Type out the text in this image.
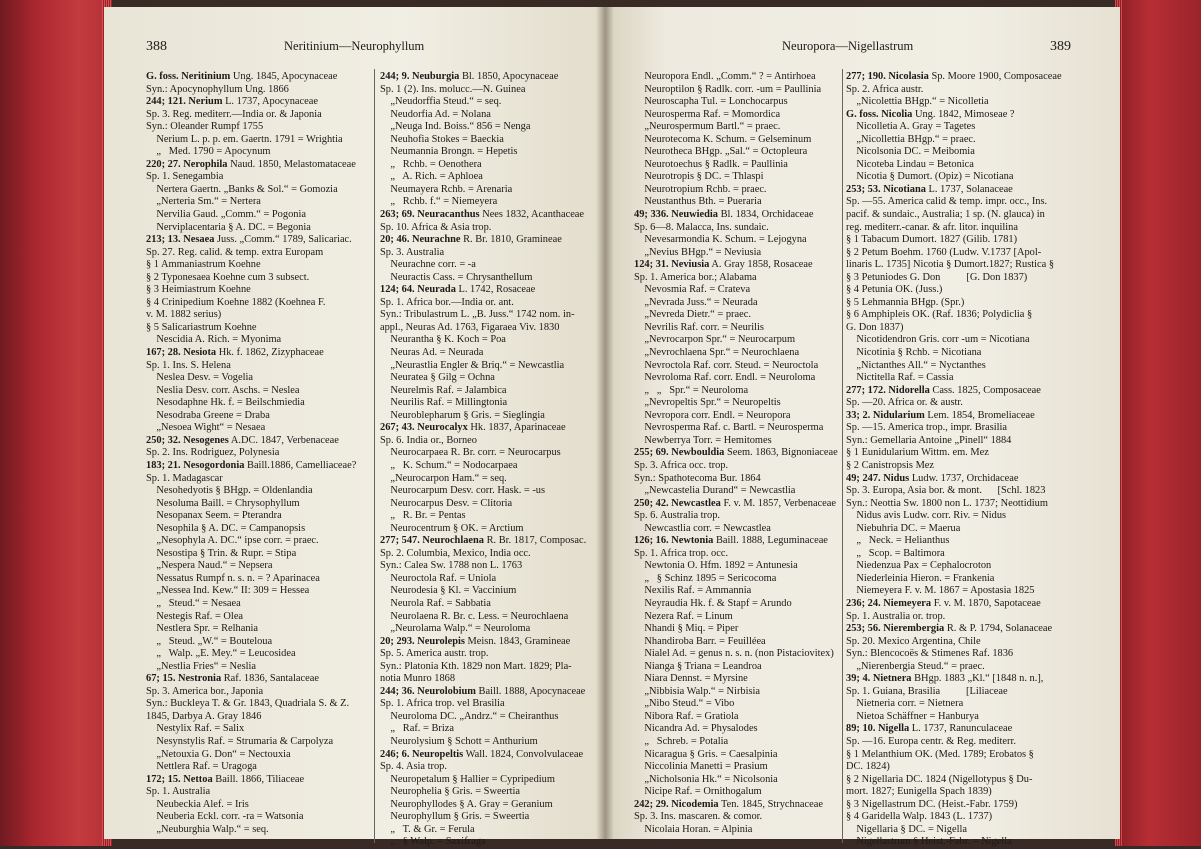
388	Neritinium—Neurophyllum
G. foss. Neritinium Ung. 1845, Apocynaceae
Syn.: Apocynophyllum Ung. 1866
244; 121. Nerium L. 1737, Apocynaceae
Sp. 3. Reg. mediterr.—India or. & Japonia
Syn.: Oleander Rumpf 1755
Nerium L. p. p. em. Gaertn. 1791 = Wrightia
„   Med. 1790 = Apocynum
220; 27. Nerophila Naud. 1850, Melastomataceae
Sp. 1. Senegambia
Nertera Gaertn. „Banks & Sol.“ = Gomozia
„Nerteria Sm.“ = Nertera
Nervilia Gaud. „Comm.“ = Pogonia
Nerviplacentaria § A. DC. = Begonia
213; 13. Nesaea Juss. „Comm.“ 1789, Salicariac.
Sp. 27. Reg. calid. & temp. extra Europam
§ 1 Ammaniastrum Koehne
§ 2 Typonesaea Koehne cum 3 subsect.
§ 3 Heimiastrum Koehne
§ 4 Crinipedium Koehne 1882 (Koehnea F.
v. M. 1882 serius)
§ 5 Salicariastrum Koehne
Nescidia A. Rich. = Myonima
167; 28. Nesiota Hk. f. 1862, Zizyphaceae
Sp. 1. Ins. S. Helena
Neslea Desv. = Vogelia
Neslia Desv. corr. Aschs. = Neslea
Nesodaphne Hk. f. = Beilschmiedia
Nesodraba Greene = Draba
„Nesoea Wight“ = Nesaea
250; 32. Nesogenes A.DC. 1847, Verbenaceae
Sp. 2. Ins. Rodriguez, Polynesia
183; 21. Nesogordonia Baill.1886, Camelliaceae?
Sp. 1. Madagascar
Nesohedyotis § BHgp. = Oldenlandia
Nesoluma Baill. = Chrysophyllum
Nesopanax Seem. = Pterandra
Nesophila § A. DC. = Campanopsis
„Nesophyla A. DC.“ ipse corr. = praec.
Nesostipa § Trin. & Rupr. = Stipa
„Nespera Naud.“ = Nepsera
Nessatus Rumpf n. s. n. = ? Aparinacea
„Nessea Ind. Kew.“ II: 309 = Hessea
„   Steud.“ = Nesaea
Nestegis Raf. = Olea
Nestlera Spr. = Relhania
„   Steud. „W.“ = Bouteloua
„   Walp. „E. Mey.“ = Leucosidea
„Nestlia Fries“ = Neslia
67; 15. Nestronia Raf. 1836, Santalaceae
Sp. 3. America bor., Japonia
Syn.: Buckleya T. & Gr. 1843, Quadriala S. & Z.
1845, Darbya A. Gray 1846
Nestylix Raf. = Salix
Nesynstylis Raf. = Strumaria & Carpolyza
„Netouxia G. Don“ = Nectouxia
Nettlera Raf. = Uragoga
172; 15. Nettoa Baill. 1866, Tiliaceae
Sp. 1. Australia
Neubeckia Alef. = Iris
Neuberia Eckl. corr. -ra = Watsonia
„Neuburghia Walp.“ = seq.
244; 9. Neuburgia Bl. 1850, Apocynaceae
Sp. 1 (2). Ins. molucc.—N. Guinea
„Neudorffia Steud.“ = seq.
Neudorfia Ad. = Nolana
„Neuga Ind. Boiss.“ 856 = Nenga
Neuhofia Stokes = Baeckia
Neumannia Brongn. = Hepetis
„   Rchb. = Oenothera
„   A. Rich. = Aphloea
Neumayera Rchb. = Arenaria
„   Rchb. f.“ = Niemeyera
263; 69. Neuracanthus Nees 1832, Acanthaceae
Sp. 10. Africa & Asia trop.
20; 46. Neurachne R. Br. 1810, Gramineae
Sp. 3. Australia
Neurachne corr. = -a
Neuractis Cass. = Chrysanthellum
124; 64. Neurada L. 1742, Rosaceae
Sp. 1. Africa bor.—India or. ant.
Syn.: Tribulastrum L. „B. Juss.“ 1742 nom. in-
appl., Neuras Ad. 1763, Figaraea Viv. 1830
Neurantha § K. Koch = Poa
Neuras Ad. = Neurada
„Neurastlia Engler & Briq.“ = Newcastlia
Neuratea § Gilg = Ochna
Neurelmis Raf. = Jalambica
Neurilis Raf. = Millingtonia
Neuroblepharum § Gris. = Sieglingia
267; 43. Neurocalyx Hk. 1837, Aparinaceae
Sp. 6. India or., Borneo
Neurocarpaea R. Br. corr. = Neurocarpus
„   K. Schum.“ = Nodocarpaea
„Neurocarpon Ham.“ = seq.
Neurocarpum Desv. corr. Hask. = -us
Neurocarpus Desv. = Clitoria
„   R. Br. = Pentas
Neurocentrum § OK. = Arctium
277; 547. Neurochlaena R. Br. 1817, Composac.
Sp. 2. Columbia, Mexico, India occ.
Syn.: Calea Sw. 1788 non L. 1763
Neuroctola Raf. = Uniola
Neurodesia § Kl. = Vaccinium
Neurola Raf. = Sabbatia
Neurolaena R. Br. c. Less. = Neurochlaena
„Neurolama Walp.“ = Neuroloma
20; 293. Neurolepis Meisn. 1843, Gramineae
Sp. 5. America austr. trop.
Syn.: Platonia Kth. 1829 non Mart. 1829; Pla-
notia Munro 1868
244; 36. Neurolobium Baill. 1888, Apocynaceae
Sp. 1. Africa trop. vel Brasilia
Neuroloma DC. „Andrz.“ = Cheiranthus
„   Raf. = Briza
Neurolysium § Schott = Anthurium
246; 6. Neuropeltis Wall. 1824, Convolvulaceae
Sp. 4. Asia trop.
Neuropetalum § Hallier = Cypripedium
Neurophelia § Gris. = Sweertia
Neurophyllodes § A. Gray = Geranium
Neurophyllum § Gris. = Sweertia
„   T. & Gr. = Ferula
„   § Walp. = Saxifraga
Neuropora—Nigellastrum	389
Neuropora Endl. „Comm.“ ? = Antirhoea
Neuroptilon § Radlk. corr. -um = Paullinia
Neuroscapha Tul. = Lonchocarpus
Neurosperma Raf. = Momordica
„Neurospermum Bartl.“ = praec.
Neurotecoma K. Schum. = Gelseminum
Neurotheca BHgp. „Sal.“ = Octopleura
Neurotoechus § Radlk. = Paullinia
Neurotropis § DC. = Thlaspi
Neurotropium Rchb. = praec.
Neustanthus Bth. = Pueraria
49; 336. Neuwiedia Bl. 1834, Orchidaceae
Sp. 6—8. Malacca, Ins. sundaic.
Nevesarmondia K. Schum. = Lejogyna
„Nevius BHgp.“ = Neviusia
124; 31. Neviusia A. Gray 1858, Rosaceae
Sp. 1. America bor.; Alabama
Nevosmia Raf. = Crateva
„Nevrada Juss.“ = Neurada
„Nevreda Dietr.“ = praec.
Nevrilis Raf. corr. = Neurilis
„Nevrocarpon Spr.“ = Neurocarpum
„Nevrochlaena Spr.“ = Neurochlaena
Nevroctola Raf. corr. Steud. = Neuroctola
Nevroloma Raf. corr. Endl. = Neuroloma
„   „   Spr.“ = Neuroloma
„Nevropeltis Spr.“ = Neuropeltis
Nevropora corr. Endl. = Neuropora
Nevrosperma Raf. c. Bartl. = Neurosperma
Newberrya Torr. = Hemitomes
255; 69. Newbouldia Seem. 1863, Bignoniaceae
Sp. 3. Africa occ. trop.
Syn.: Spathotecoma Bur. 1864
„Newcastelia Durand“ = Newcastlia
250; 42. Newcastlea F. v. M. 1857, Verbenaceae
Sp. 6. Australia trop.
Newcastlia corr. = Newcastlea
126; 16. Newtonia Baill. 1888, Leguminaceae
Sp. 1. Africa trop. occ.
Newtonia O. Hfm. 1892 = Antunesia
„   § Schinz 1895 = Sericocoma
Nexilis Raf. = Ammannia
Neyraudia Hk. f. & Stapf = Arundo
Nezera Raf. = Linum
Nhandi § Miq. = Piper
Nhandiroba Barr. = Feuilléea
Nialel Ad. = genus n. s. n. (non Pistaciovitex)
Nianga § Triana = Leandroa
Niara Dennst. = Myrsine
„Nibbisia Walp.“ = Nirbisia
„Nibo Steud.“ = Vibo
Nibora Raf. = Gratiola
Nicandra Ad. = Physalodes
„   Schreb. = Potalia
Nicaragua § Gris. = Caesalpinia
Niccolinia Manetti = Prasium
„Nicholsonia Hk.“ = Nicolsonia
Nicipe Raf. = Ornithogalum
242; 29. Nicodemia Ten. 1845, Strychnaceae
Sp. 3. Ins. mascaren. & comor.
Nicolaia Horan. = Alpinia
277; 190. Nicolasia Sp. Moore 1900, Composaceae
Sp. 2. Africa austr.
„Nicolettia BHgp.“ = Nicolletia
G. foss. Nicolia Ung. 1842, Mimoseae ?
Nicolletia A. Gray = Tagetes
„Nicollettia BHgp.“ = praec.
Nicolsonia DC. = Meibomia
Nicoteba Lindau = Betonica
Nicotia § Dumort. (Opiz) = Nicotiana
253; 53. Nicotiana L. 1737, Solanaceae
Sp. —55. America calid & temp. impr. occ., Ins.
pacif. & sundaic., Australia; 1 sp. (N. glauca) in
reg. mediterr.-canar. & afr. litor. inquilina
§ 1 Tabacum Dumort. 1827 (Gilib. 1781)
§ 2 Petum Boehm. 1760 (Ludw. V.1737 [Apol-
linaris L. 1735] Nicotia § Dumort.1827; Rustica §
§ 3 Petuniodes G. Don          [G. Don 1837)
§ 4 Petunia OK. (Juss.)
§ 5 Lehmannia BHgp. (Spr.)
§ 6 Amphipleis OK. (Raf. 1836; Polydiclia §
G. Don 1837)
Nicotidendron Gris. corr -um = Nicotiana
Nicotinia § Rchb. = Nicotiana
„Nictanthes All.“ = Nyctanthes
Nictitella Raf. = Cassia
277; 172. Nidorella Cass. 1825, Composaceae
Sp. —20. Africa or. & austr.
33; 2. Nidularium Lem. 1854, Bromeliaceae
Sp. —15. America trop., impr. Brasilia
Syn.: Gemellaria Antoine „Pinell“ 1884
§ 1 Eunidularium Wittm. em. Mez
§ 2 Canistropsis Mez
49; 247. Nidus Ludw. 1737, Orchidaceae
Sp. 3. Europa, Asia bor. & mont.      [Schl. 1823
Syn.: Neottia Sw. 1800 non L. 1737; Neottidium
Nidus avis Ludw. corr. Riv. = Nidus
Niebuhria DC. = Maerua
„   Neck. = Helianthus
„   Scop. = Baltimora
Niedenzua Pax = Cephalocroton
Niederleinia Hieron. = Frankenia
Niemeyera F. v. M. 1867 = Apostasia 1825
236; 24. Niemeyera F. v. M. 1870, Sapotaceae
Sp. 1. Australia or. trop.
253; 56. Nierembergia R. & P. 1794, Solanaceae
Sp. 20. Mexico Argentina, Chile
Syn.: Blencocoës & Stimenes Raf. 1836
„Nierenbergia Steud.“ = praec.
39; 4. Nietnera BHgp. 1883 „Kl.“ [1848 n. n.],
Sp. 1. Guiana, Brasilia          [Liliaceae
Nietneria corr. = Nietnera
Nietoa Schäffner = Hanburya
89; 10. Nigella L. 1737, Ranunculaceae
Sp. —16. Europa centr. & Reg. mediterr.
§ 1 Melanthium OK. (Med. 1789; Erobatos §
DC. 1824)
§ 2 Nigellaria DC. 1824 (Nigellotypus § Du-
mort. 1827; Eunigella Spach 1839)
§ 3 Nigellastrum DC. (Heist.-Fabr. 1759)
§ 4 Garidella Walp. 1843 (L. 1737)
Nigellaria § DC. = Nigella
Nigellastrum § Heist.-Fabr. = Nigella
